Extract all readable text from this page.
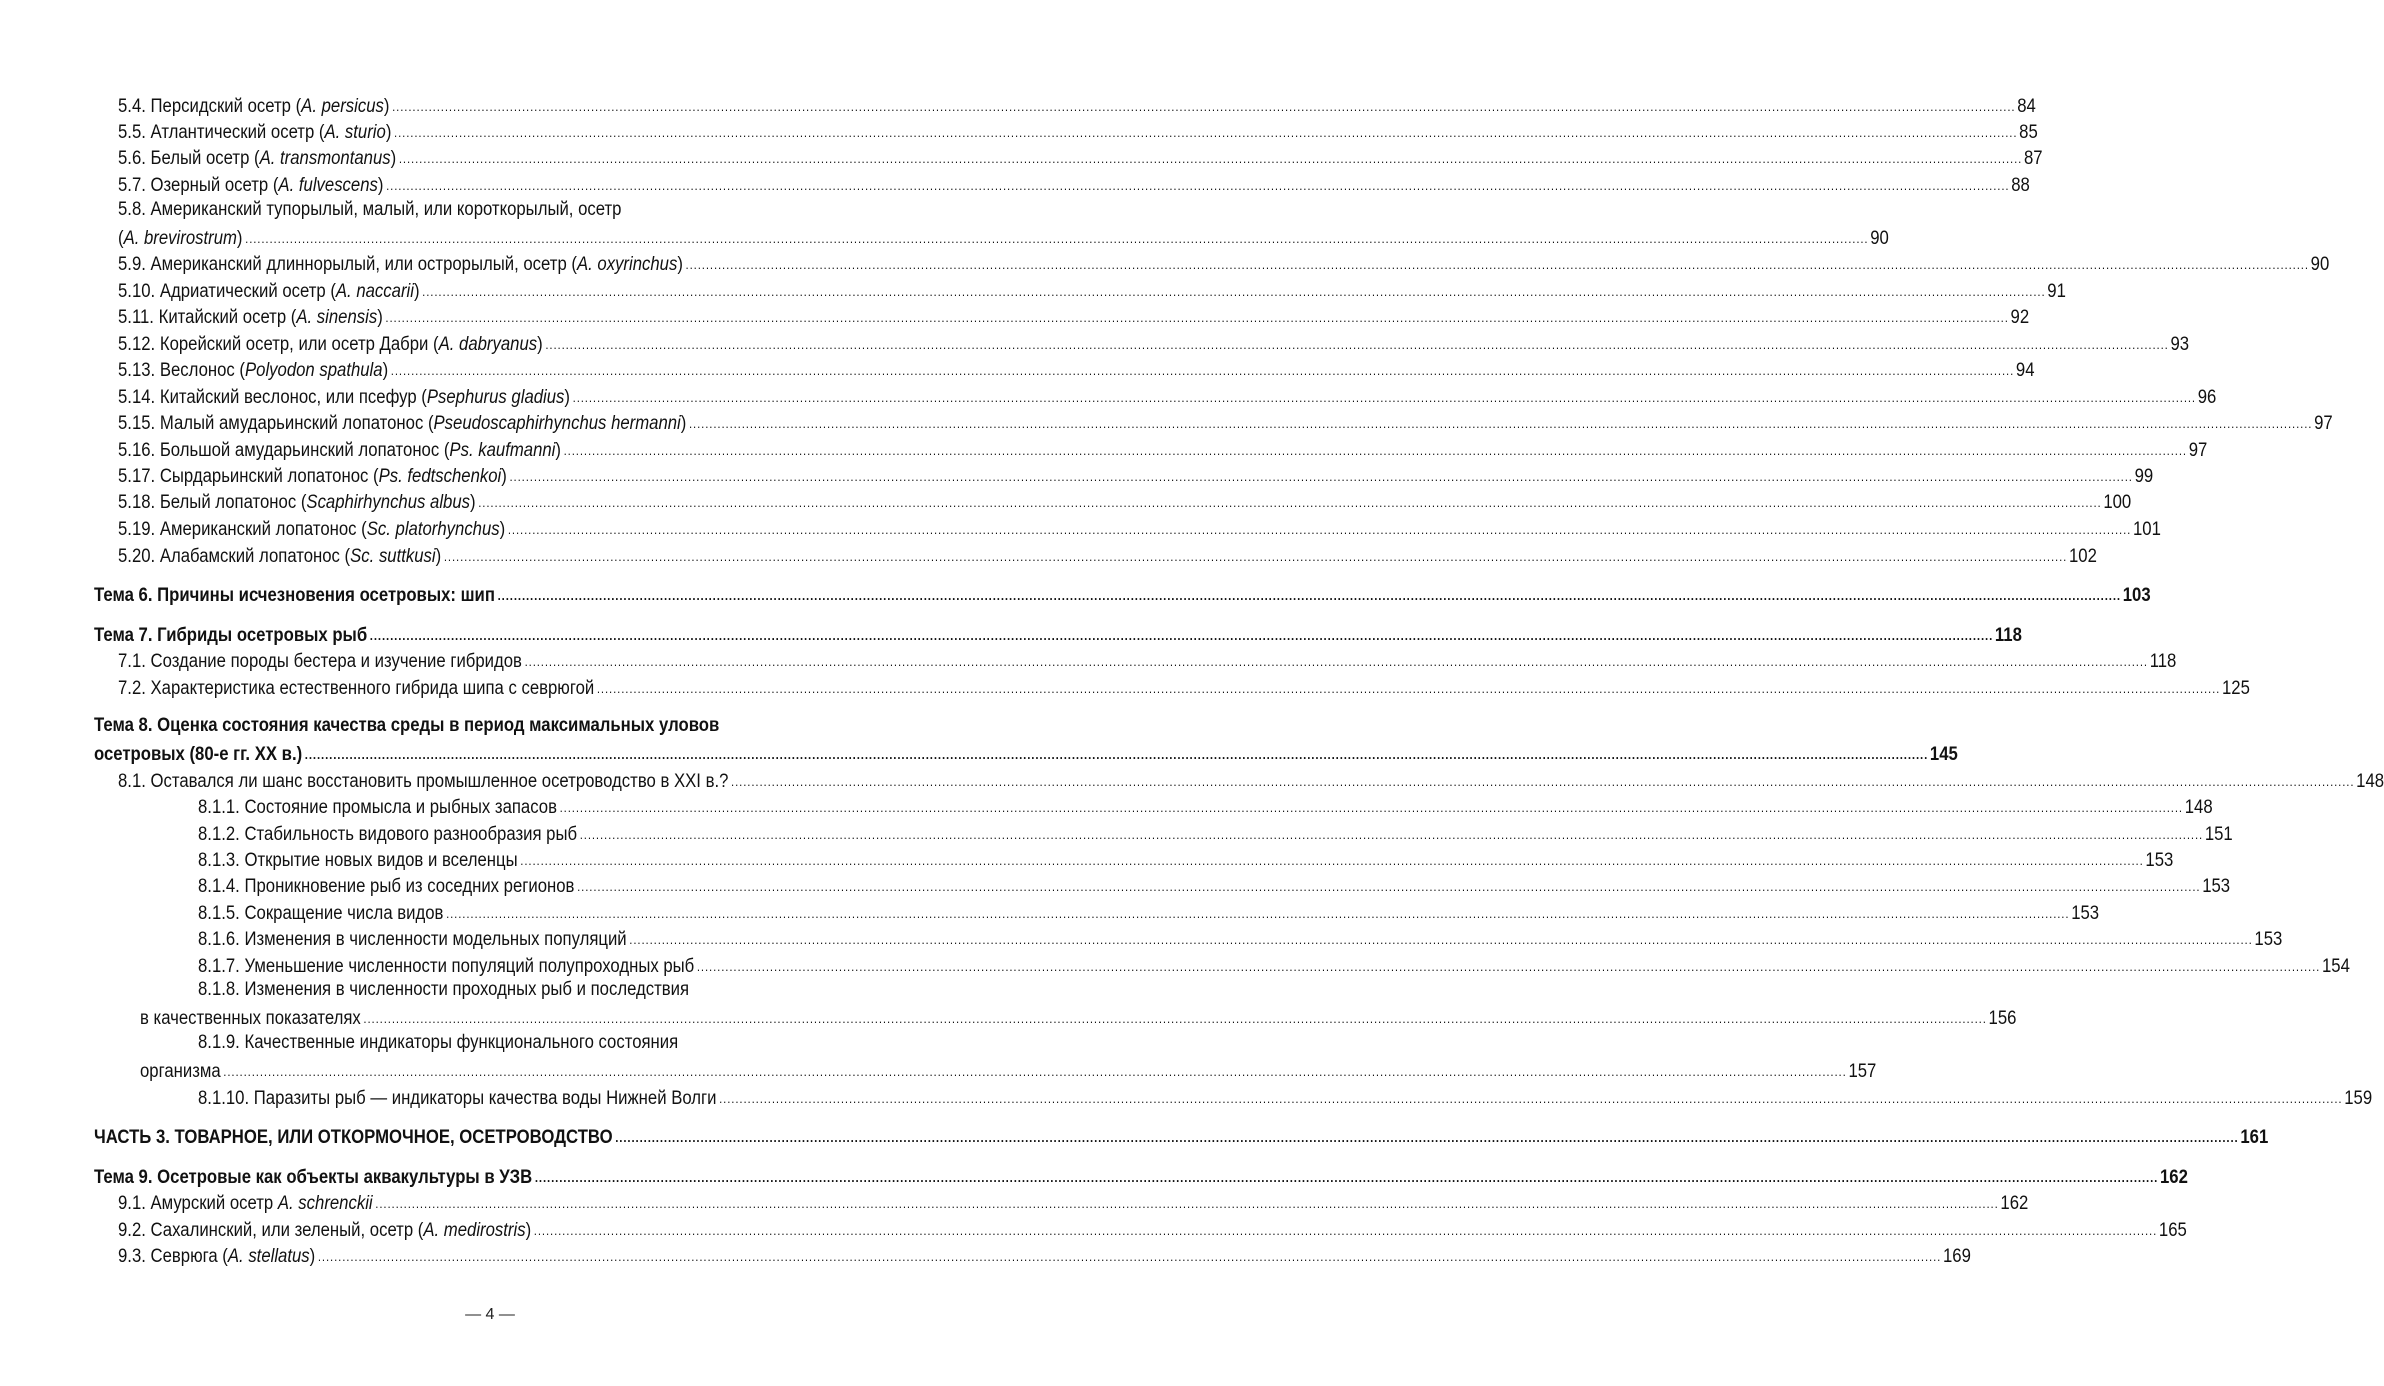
5.4. Персидский осетр (A. persicus) ................................................................................................................................................................................................................................................................................................................................................................................................................ 84
5.5. Атлантический осетр (A. sturio) ................................................................................................................................................................................................................................................................................................................................................................................................................ 85
5.6. Белый осетр (A. transmontanus) ................................................................................................................................................................................................................................................................................................................................................................................................................ 87
5.7. Озерный осетр (A. fulvescens) ................................................................................................................................................................................................................................................................................................................................................................................................................ 88
5.8. Американский тупорылый, малый, или короткорылый, осетр
(A. brevirostrum) ................................................................................................................................................................................................................................................................................................................................................................................................................ 90
5.9. Американский длиннорылый, или острорылый, осетр (A. oxyrinchus) ................................................................................................................................................................................................................................................................................................................................................................................................................ 90
5.10. Адриатический осетр (A. naccarii) ................................................................................................................................................................................................................................................................................................................................................................................................................ 91
5.11. Китайский осетр (A. sinensis) ................................................................................................................................................................................................................................................................................................................................................................................................................ 92
5.12. Корейский осетр, или осетр Дабри (A. dabryanus) ................................................................................................................................................................................................................................................................................................................................................................................................................ 93
5.13. Веслонос (Polyodon spathula) ................................................................................................................................................................................................................................................................................................................................................................................................................ 94
5.14. Китайский веслонос, или псефур (Psephurus gladius) ................................................................................................................................................................................................................................................................................................................................................................................................................ 96
5.15. Малый амударьинский лопатонос (Pseudoscaphirhynchus hermanni) ................................................................................................................................................................................................................................................................................................................................................................................................................ 97
5.16. Большой амударьинский лопатонос (Ps. kaufmanni) ................................................................................................................................................................................................................................................................................................................................................................................................................ 97
5.17. Сырдарьинский лопатонос (Ps. fedtschenkoi) ................................................................................................................................................................................................................................................................................................................................................................................................................ 99
5.18. Белый лопатонос (Scaphirhynchus albus) ................................................................................................................................................................................................................................................................................................................................................................................................................ 100
5.19. Американский лопатонос (Sc. platorhynchus) ................................................................................................................................................................................................................................................................................................................................................................................................................ 101
5.20. Алабамский лопатонос (Sc. suttkusi) ................................................................................................................................................................................................................................................................................................................................................................................................................ 102
Тема 6. Причины исчезновения осетровых: шип ................................................................................................................................................................................................................................................................................................................................................................................................................ 103
Тема 7. Гибриды осетровых рыб ................................................................................................................................................................................................................................................................................................................................................................................................................ 118
7.1. Создание породы бестера и изучение гибридов ................................................................................................................................................................................................................................................................................................................................................................................................................ 118
7.2. Характеристика естественного гибрида шипа с севрюгой ................................................................................................................................................................................................................................................................................................................................................................................................................ 125
Тема 8. Оценка состояния качества среды в период максимальных уловов
осетровых (80-е гг. XX в.) ................................................................................................................................................................................................................................................................................................................................................................................................................ 145
8.1. Оставался ли шанс восстановить промышленное осетроводство в XXI в.? ................................................................................................................................................................................................................................................................................................................................................................................................................ 148
8.1.1. Состояние промысла и рыбных запасов ................................................................................................................................................................................................................................................................................................................................................................................................................ 148
8.1.2. Стабильность видового разнообразия рыб ................................................................................................................................................................................................................................................................................................................................................................................................................ 151
8.1.3. Открытие новых видов и вселенцы ................................................................................................................................................................................................................................................................................................................................................................................................................ 153
8.1.4. Проникновение рыб из соседних регионов ................................................................................................................................................................................................................................................................................................................................................................................................................ 153
8.1.5. Сокращение числа видов ................................................................................................................................................................................................................................................................................................................................................................................................................ 153
8.1.6. Изменения в численности модельных популяций ................................................................................................................................................................................................................................................................................................................................................................................................................ 153
8.1.7. Уменьшение численности популяций полупроходных рыб ................................................................................................................................................................................................................................................................................................................................................................................................................ 154
8.1.8. Изменения в численности проходных рыб и последствия
в качественных показателях ................................................................................................................................................................................................................................................................................................................................................................................................................ 156
8.1.9. Качественные индикаторы функционального состояния
организма ................................................................................................................................................................................................................................................................................................................................................................................................................ 157
8.1.10. Паразиты рыб — индикаторы качества воды Нижней Волги ................................................................................................................................................................................................................................................................................................................................................................................................................ 159
ЧАСТЬ 3. ТОВАРНОЕ, ИЛИ ОТКОРМОЧНОЕ, ОСЕТРОВОДСТВО ................................................................................................................................................................................................................................................................................................................................................................................................................ 161
Тема 9. Осетровые как объекты аквакультуры в УЗВ ................................................................................................................................................................................................................................................................................................................................................................................................................ 162
9.1. Амурский осетр A. schrenckii ................................................................................................................................................................................................................................................................................................................................................................................................................ 162
9.2. Сахалинский, или зеленый, осетр (A. medirostris) ................................................................................................................................................................................................................................................................................................................................................................................................................ 165
9.3. Севрюга (A. stellatus) ................................................................................................................................................................................................................................................................................................................................................................................................................ 169
— 4 —
